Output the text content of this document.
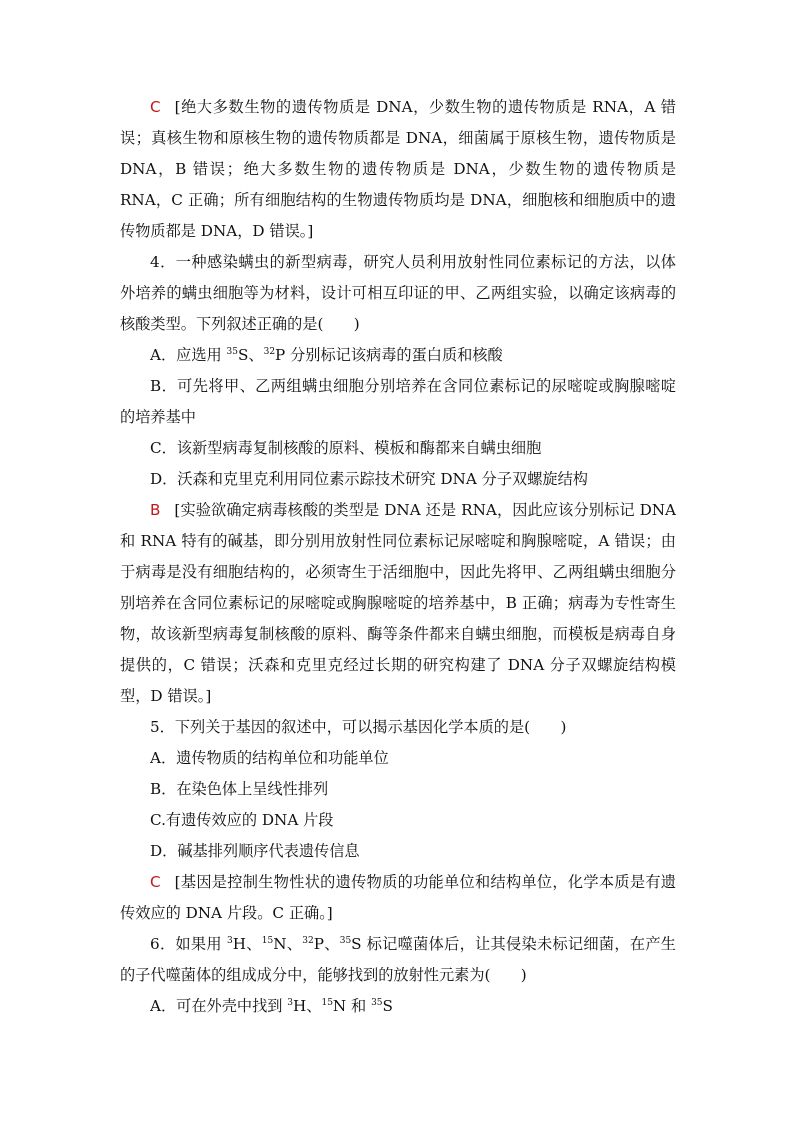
C [绝大多数生物的遗传物质是 DNA，少数生物的遗传物质是 RNA，A 错误；真核生物和原核生物的遗传物质都是 DNA，细菌属于原核生物，遗传物质是 DNA，B 错误；绝大多数生物的遗传物质是 DNA，少数生物的遗传物质是 RNA，C 正确；所有细胞结构的生物遗传物质均是 DNA，细胞核和细胞质中的遗传物质都是 DNA，D 错误。]

4．一种感染螨虫的新型病毒，研究人员利用放射性同位素标记的方法，以体外培养的螨虫细胞等为材料，设计可相互印证的甲、乙两组实验，以确定该病毒的核酸类型。下列叙述正确的是(　　)

A．应选用 $^{35}$S、$^{32}$P 分别标记该病毒的蛋白质和核酸

B．可先将甲、乙两组螨虫细胞分别培养在含同位素标记的尿嘧啶或胸腺嘧啶的培养基中

C．该新型病毒复制核酸的原料、模板和酶都来自螨虫细胞

D．沃森和克里克利用同位素示踪技术研究 DNA 分子双螺旋结构

B [实验欲确定病毒核酸的类型是 DNA 还是 RNA，因此应该分别标记 DNA 和 RNA 特有的碱基，即分别用放射性同位素标记尿嘧啶和胸腺嘧啶，A 错误；由于病毒是没有细胞结构的，必须寄生于活细胞中，因此先将甲、乙两组螨虫细胞分别培养在含同位素标记的尿嘧啶或胸腺嘧啶的培养基中，B 正确；病毒为专性寄生物，故该新型病毒复制核酸的原料、酶等条件都来自螨虫细胞，而模板是病毒自身提供的，C 错误；沃森和克里克经过长期的研究构建了 DNA 分子双螺旋结构模型，D 错误。]

5．下列关于基因的叙述中，可以揭示基因化学本质的是(　　)

A．遗传物质的结构单位和功能单位

B．在染色体上呈线性排列

C.有遗传效应的 DNA 片段

D．碱基排列顺序代表遗传信息

C [基因是控制生物性状的遗传物质的功能单位和结构单位，化学本质是有遗传效应的 DNA 片段。C 正确。]

6．如果用 $^3$H、$^{15}$N、$^{32}$P、$^{35}$S 标记噬菌体后，让其侵染未标记细菌，在产生的子代噬菌体的组成成分中，能够找到的放射性元素为(　　)

A．可在外壳中找到 $^3$H、$^{15}$N 和 $^{35}$S
